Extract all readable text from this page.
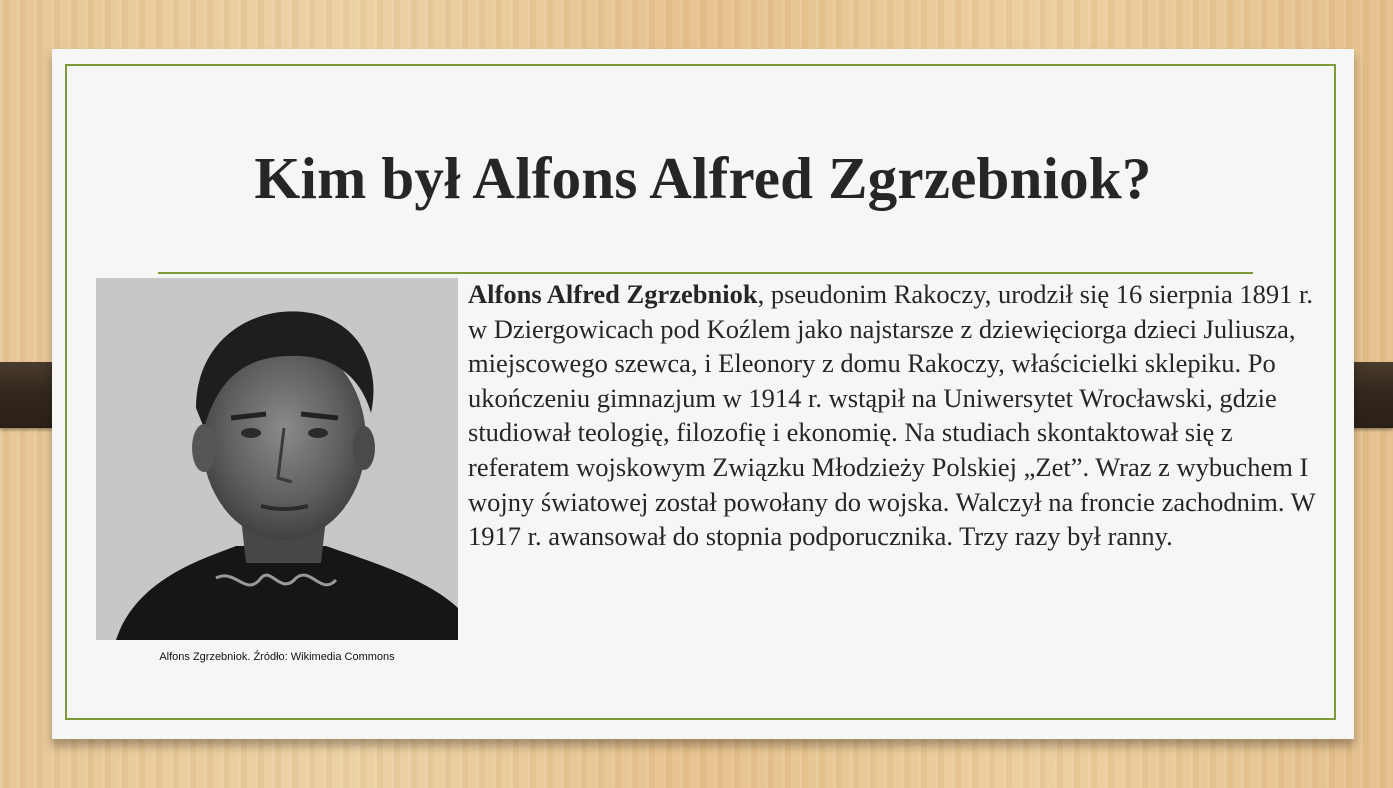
Kim był Alfons Alfred Zgrzebniok?
Alfons Zgrzebniok. Źródło: Wikimedia Commons

Alfons Alfred Zgrzebniok, pseudonim Rakoczy, urodził się 16 sierpnia 1891 r. w Dziergowicach pod Koźlem jako najstarsze z dziewięciorga dzieci Juliusza, miejscowego szewca, i Eleonory z domu Rakoczy, właścicielki sklepiku. Po ukończeniu gimnazjum w 1914 r. wstąpił na Uniwersytet Wrocławski, gdzie studiował teologię, filozofię i ekonomię. Na studiach skontaktował się z referatem wojskowym Związku Młodzieży Polskiej „Zet”. Wraz z wybuchem I wojny światowej został powołany do wojska. Walczył na froncie zachodnim. W 1917 r. awansował do stopnia podporucznika. Trzy razy był ranny.
